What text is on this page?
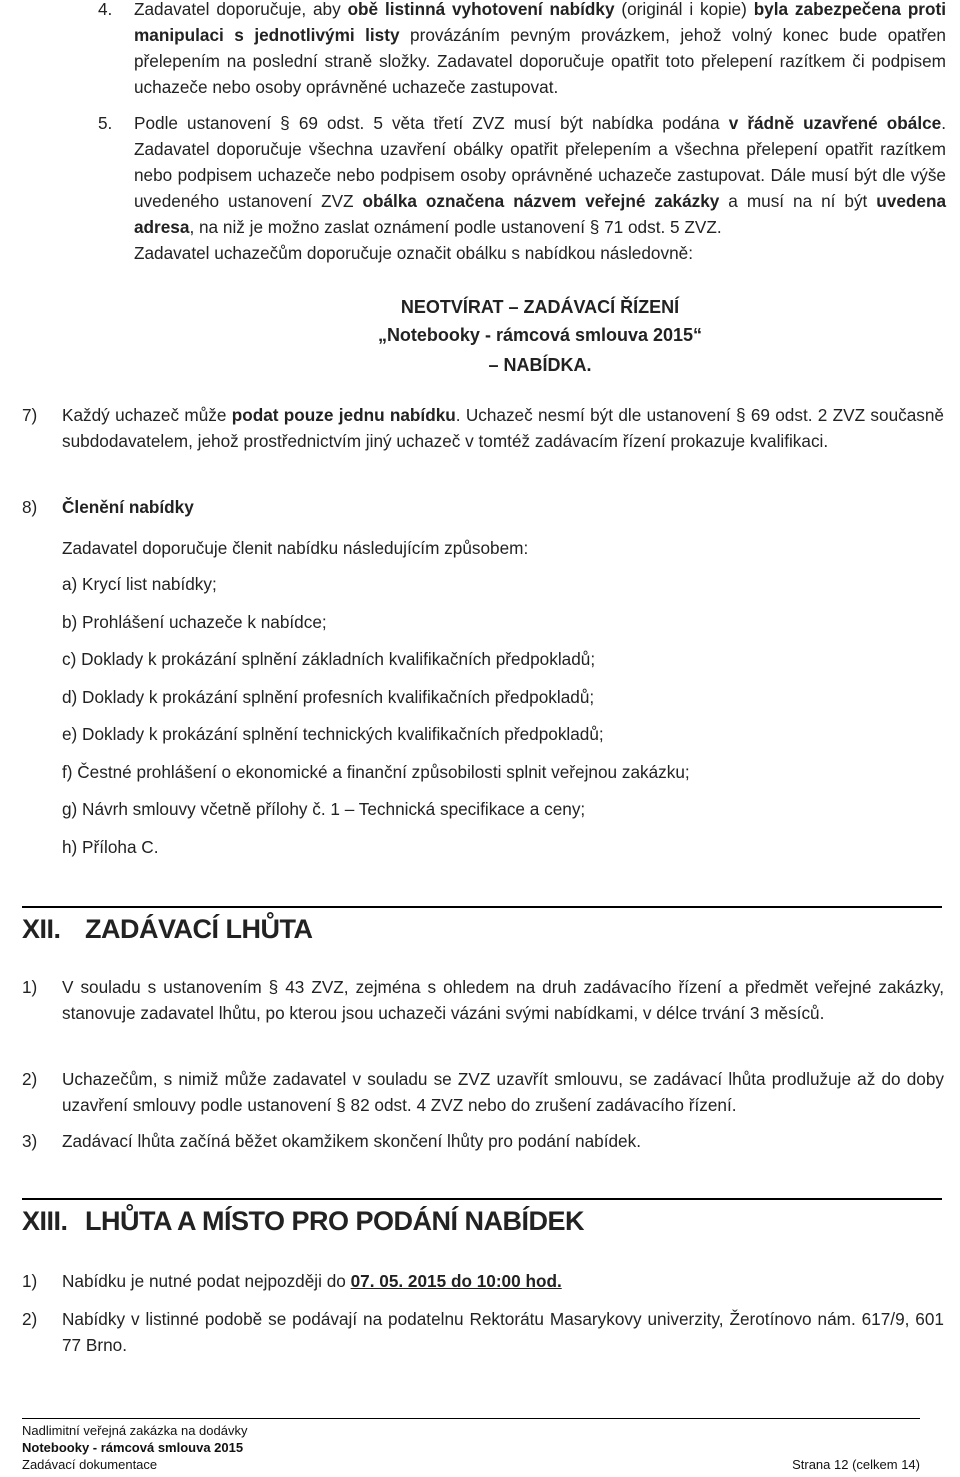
4. Zadavatel doporučuje, aby obě listinná vyhotovení nabídky (originál i kopie) byla zabezpečena proti manipulaci s jednotlivými listy provázáním pevným provázkem, jehož volný konec bude opatřen přelepením na poslední straně složky. Zadavatel doporučuje opatřit toto přelepení razítkem či podpisem uchazeče nebo osoby oprávněné uchazeče zastupovat.
5. Podle ustanovení § 69 odst. 5 věta třetí ZVZ musí být nabídka podána v řádně uzavřené obálce. Zadavatel doporučuje všechna uzavření obálky opatřit přelepením a všechna přelepení opatřit razítkem nebo podpisem uchazeče nebo podpisem osoby oprávněné uchazeče zastupovat. Dále musí být dle výše uvedeného ustanovení ZVZ obálka označena názvem veřejné zakázky a musí na ní být uvedena adresa, na niž je možno zaslat oznámení podle ustanovení § 71 odst. 5 ZVZ.
Zadavatel uchazečům doporučuje označit obálku s nabídkou následovně:
NEOTVÍRAT – ZADÁVACÍ ŘÍZENÍ
„Notebooky - rámcová smlouva 2015“
– NABÍDKA.
7) Každý uchazeč může podat pouze jednu nabídku. Uchazeč nesmí být dle ustanovení § 69 odst. 2 ZVZ současně subdodavatelem, jehož prostřednictvím jiný uchazeč v tomtéž zadávacím řízení prokazuje kvalifikaci.
8) Členění nabídky
Zadavatel doporučuje členit nabídku následujícím způsobem:
a) Krycí list nabídky;
b) Prohlášení uchazeče k nabídce;
c) Doklady k prokázání splnění základních kvalifikačních předpokladů;
d) Doklady k prokázání splnění profesních kvalifikačních předpokladů;
e) Doklady k prokázání splnění technických kvalifikačních předpokladů;
f) Čestné prohlášení o ekonomické a finanční způsobilosti splnit veřejnou zakázku;
g) Návrh smlouvy včetně přílohy č. 1 – Technická specifikace a ceny;
h) Příloha C.
XII. ZADÁVACÍ LHŮTA
1) V souladu s ustanovením § 43 ZVZ, zejména s ohledem na druh zadávacího řízení a předmět veřejné zakázky, stanovuje zadavatel lhůtu, po kterou jsou uchazeči vázáni svými nabídkami, v délce trvání 3 měsíců.
2) Uchazečům, s nimiž může zadavatel v souladu se ZVZ uzavřít smlouvu, se zadávací lhůta prodlužuje až do doby uzavření smlouvy podle ustanovení § 82 odst. 4 ZVZ nebo do zrušení zadávacího řízení.
3) Zadávací lhůta začíná běžet okamžikem skončení lhůty pro podání nabídek.
XIII. LHŮTA A MÍSTO PRO PODÁNÍ NABÍDEK
1) Nabídku je nutné podat nejpozději do 07. 05. 2015 do 10:00 hod.
2) Nabídky v listinné podobě se podávají na podatelnu Rektorátu Masarykovy univerzity, Žerotínovo nám. 617/9, 601 77 Brno.
Nadlimitní veřejná zakázka na dodávky
Notebooky - rámcová smlouva 2015
Zadávací dokumentace	Strana 12 (celkem 14)
